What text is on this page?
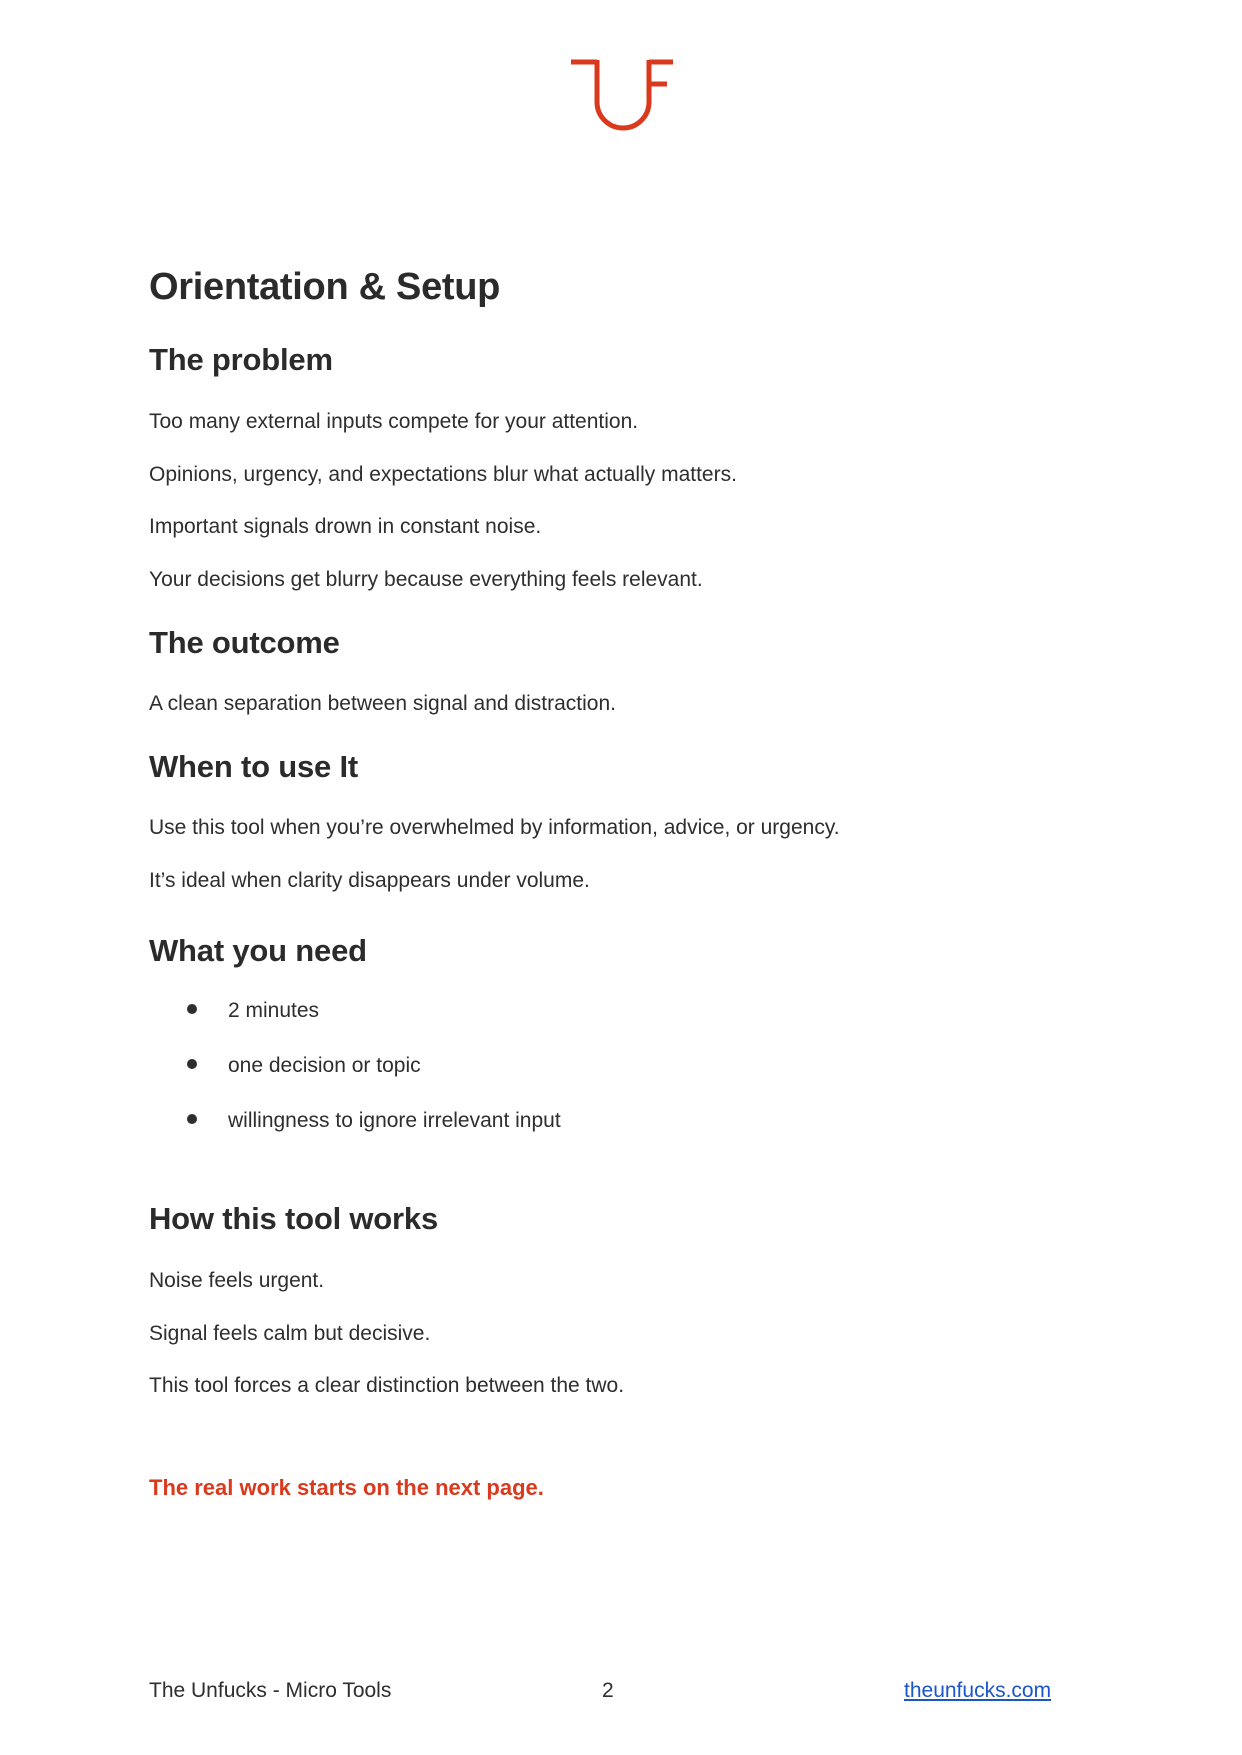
Orientation & Setup
The problem

Too many external inputs compete for your attention.

Opinions, urgency, and expectations blur what actually matters.

Important signals drown in constant noise.

Your decisions get blurry because everything feels relevant.

The outcome

A clean separation between signal and distraction.

When to use It

Use this tool when you’re overwhelmed by information, advice, or urgency.

It’s ideal when clarity disappears under volume.

What you need
2 minutes
one decision or topic
willingness to ignore irrelevant input
How this tool works

Noise feels urgent.

Signal feels calm but decisive.

This tool forces a clear distinction between the two.

The real work starts on the next page.

The Unfucks - Micro Tools	2	theunfucks.com
